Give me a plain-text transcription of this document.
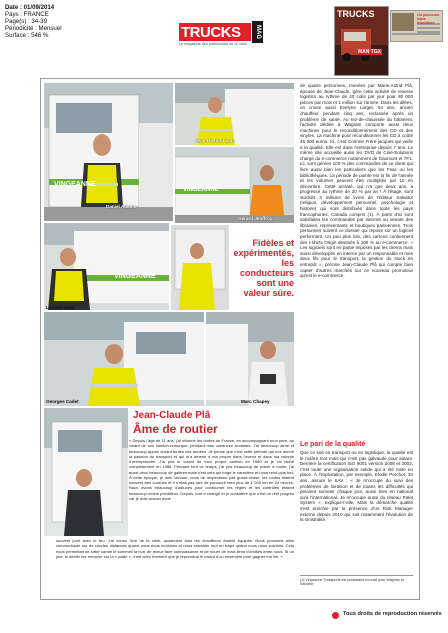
Date : 01/09/2014
Pays : FRANCE
Page(s) : 34-39
Périodicité : Mensuel
Surface : 546 %	TRUCKS	MAG
Le magazine des passionnés de la route
TRUCKS
MAN TGX
Un parcours sans frontières
VINGEANNE
Jean-Richard Lutz
Daniel Adams
VINGEANNE
Gérard Jeoffroy
VINGEANNE
Laurent Doré
Fidèles et expérimentés, les conducteurs sont une valeur sûre.
Georges Cadet	Marc Chapey
Jean-Claude Plâ
Âme de routier
« Depuis l'âge de 11 ans, j'ai sillonné les routes de France, en accompagnant mon père, au volant de son camion-remorque, pendant mes vacances scolaires. J'ai beaucoup aimé et beaucoup appris durant toutes ces années. Je pense que c'est cette période qui m'a donné la passion du transport et qui m'a amené à ma propre dans l'avenir et dans ma volonté d'entreprendre. J'ai pris le volant de mon propre camion en 1980 et je l'ai lâché complètement en 1988. Pendant tout ce temps, j'ai pris beaucoup de plaisir à rouler, j'ai aussi vécu beaucoup de galères mais c'est cela qui forge le caractère et nous rend plus fort. À cette époque, je dois l'avouer, nous ne respections pas grand-chose, les routes étaient souvent très courues et il n'était pas rare de parcourir bien plus de 1 000 km en 24 heures. Nous avons beaucoup d'astuces pour contourner les règles et les contrôles étaient beaucoup moins pointilleux. Depuis, tout a changé et je considère que c'est un réel progrès car je dois avouer avoir
souvent joué avec le feu. J'ai connu l'ère de la cibie, quasiment tous les chauffeurs étaient équipés. Nous pouvions ainsi communiquer sur de courtes distances quand nous nous croisions et nous entraider tout en trajet quand nous nous suivions. Cela nous permettait de lutter contre le sommeil la nuit, de mieux faire connaissance et de nouer de vrais liens d'amitiés entre nous. Si un jour, le destin me retrouve sur la « paille », c'est avec bonheur que je reprendrai le volant d'un ensemble pour gagner ma vie. »
de quatre personnes, menées par Marie-Astrid Plâ, épouse de Jean-Claude, gère cette activité de reverse logistics au rythme de 40 colis par jour pour 80 000 pièces par mois et 1 million sur l'année. Dans les allées, on croise aussi Evelyne Larget, 54 ans, ancien chauffeur pendant cinq ans, reclassée après un problème de santé. Au rez-de-chaussée du bâtiment, l'activité dédiée à Wagram comporte aussi deux machines pour le reconditionnement des CD et des vinyles. La machine pour reconditionner les CD a coûté 45 000 euros. Ici, c'est Corinne Frère-jacques qui veille à la qualité. Elle est dans l'entreprise depuis 7 ans. Le même site accueille aussi les DVD de Ciné-Solutions chargé du e-commerce notamment de Gaumont et TF1. Ici, sont gérées 100 % des commandes de ce client qui livre aussi bien les particuliers que les Fnac ou les bibliothèques. La période de pointe est la fin de l'année et les volumes peuvent être multipliés par 10 en décembre. Cette activité, qui n'a que deux ans, a progressé au rythme de 20 % par an ! À l'étage, sont stockés 3 millions de livres de l'éditeur Salvator (religion, développement personnel, psychologie et histoire) qui sont distribués dans toute les pays francophones, Canada compris (1). À partir d'ici sont satisfaites les commandes par internet ou venant des librairies, représentants et boutiques parisiennes. Trois personnes suivent ce dossier qui repose sur un logiciel performant. Un peu plus loin, des cartons contiennent des t-shirts Origin destinés à 100 % au e-commerce. « Les logiciels sont en partie imposés par les clients mais aussi développés en interne par un responsable et mes deux fils pour le transport, la gestion du stock en entrepôt », précise Jean-Claude Plâ qui compte bien capter d'autres marchés sur ce nouveau promoteur qu'est le e-commerce.
Le pari de la qualité
Que ce soit en transport ou en logistique, la qualité est le maître mot mais qui n'est pas galvaudé pour autant. Derrière la certification ISO 9001 version 2008 et 2002, c'est toute une organisation solide qui a été mise en place. À l'exploitation, par exemple, Elodie Perchot, 30 ans, assure le SAV : « Je m'occupe du suivi des problèmes de livraison et de toutes les difficultés qui peuvent survenir chaque jour, aussi bien en national qu'à l'international. Je m'occupe aussi du réseau Palet System », explique-t-elle. Mais la démarche qualité s'est enrichie par la présence d'un Risk Manager externe depuis 2010 qui suit notamment l'évolution de la sinistralité.
(1) Vingeanne Transports est prestataire exclusif pour Wagram et Salvator
Tous droits de reproduction réservés
